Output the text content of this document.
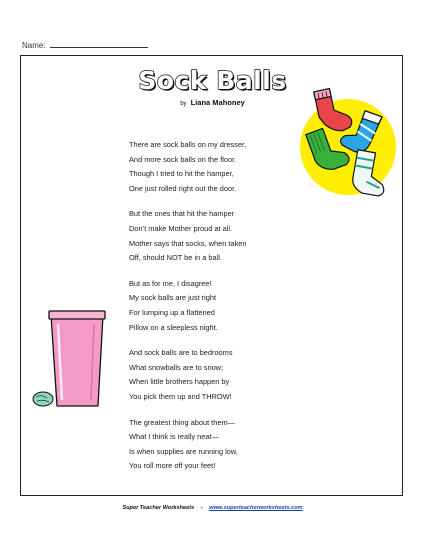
Name:
Sock Balls
by Liana Mahoney
There are sock balls on my dresser,
And more sock balls on the floor.
Though I tried to hit the hamper,
One just rolled right out the door.
But the ones that hit the hamper
Don’t make Mother proud at all.
Mother says that socks, when taken
Off, should NOT be in a ball.
But as for me, I disagree!
My sock balls are just right
For lumping up a flattened
Pillow on a sleepless night.
And sock balls are to bedrooms
What snowballs are to snow;
When little brothers happen by
You pick them up and THROW!
The greatest thing about them—
What I think is really neat—
Is when supplies are running low,
You roll more off your feet!
Super Teacher Worksheets - www.superteacherworksheets.com
